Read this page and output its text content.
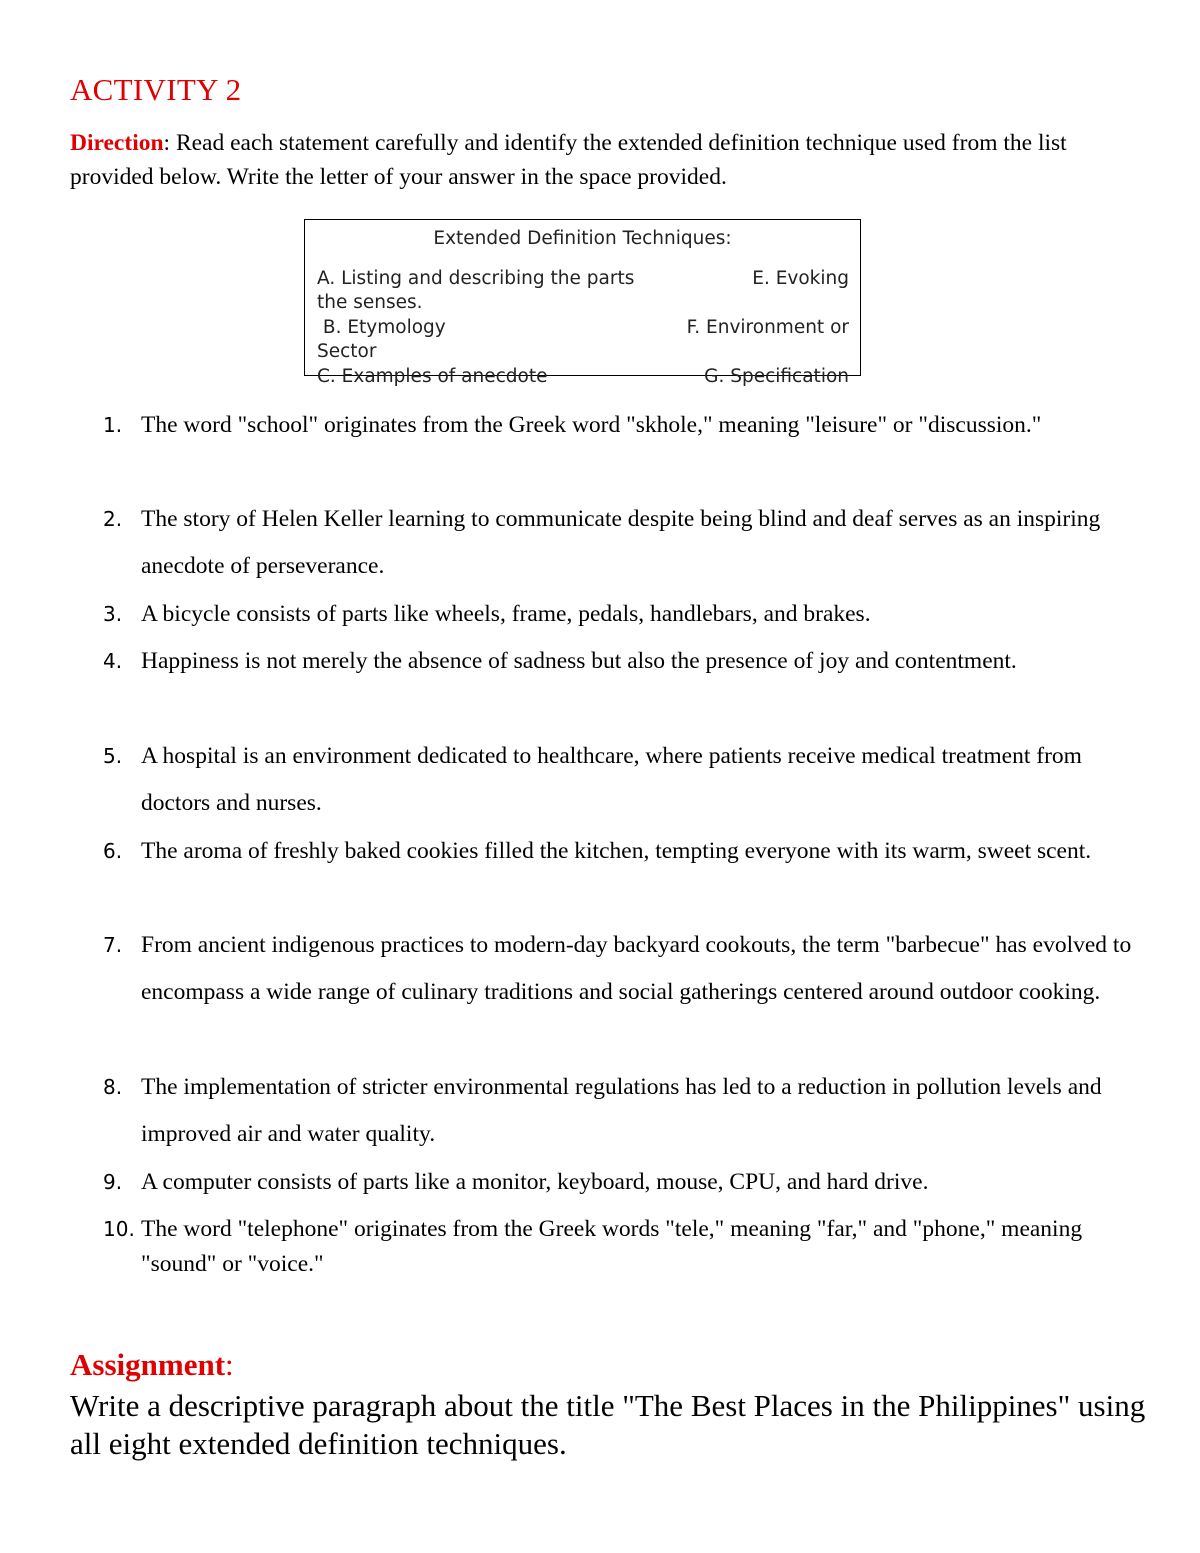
ACTIVITY 2
Direction: Read each statement carefully and identify the extended definition technique used from the list provided below. Write the letter of your answer in the space provided.
Extended Definition Techniques:
A. Listing and describing the parts	E. Evoking
the senses.
B. Etymology	F. Environment or
Sector
C. Examples of anecdote	G. Specification
1. The word "school" originates from the Greek word "skhole," meaning "leisure" or "discussion."
2. The story of Helen Keller learning to communicate despite being blind and deaf serves as an inspiring anecdote of perseverance.
3. A bicycle consists of parts like wheels, frame, pedals, handlebars, and brakes.
4. Happiness is not merely the absence of sadness but also the presence of joy and contentment.
5. A hospital is an environment dedicated to healthcare, where patients receive medical treatment from doctors and nurses.
6. The aroma of freshly baked cookies filled the kitchen, tempting everyone with its warm, sweet scent.
7. From ancient indigenous practices to modern-day backyard cookouts, the term "barbecue" has evolved to encompass a wide range of culinary traditions and social gatherings centered around outdoor cooking.
8. The implementation of stricter environmental regulations has led to a reduction in pollution levels and improved air and water quality.
9. A computer consists of parts like a monitor, keyboard, mouse, CPU, and hard drive.
10. The word "telephone" originates from the Greek words "tele," meaning "far," and "phone," meaning "sound" or "voice."
Assignment:
Write a descriptive paragraph about the title "The Best Places in the Philippines" using all eight extended definition techniques.
